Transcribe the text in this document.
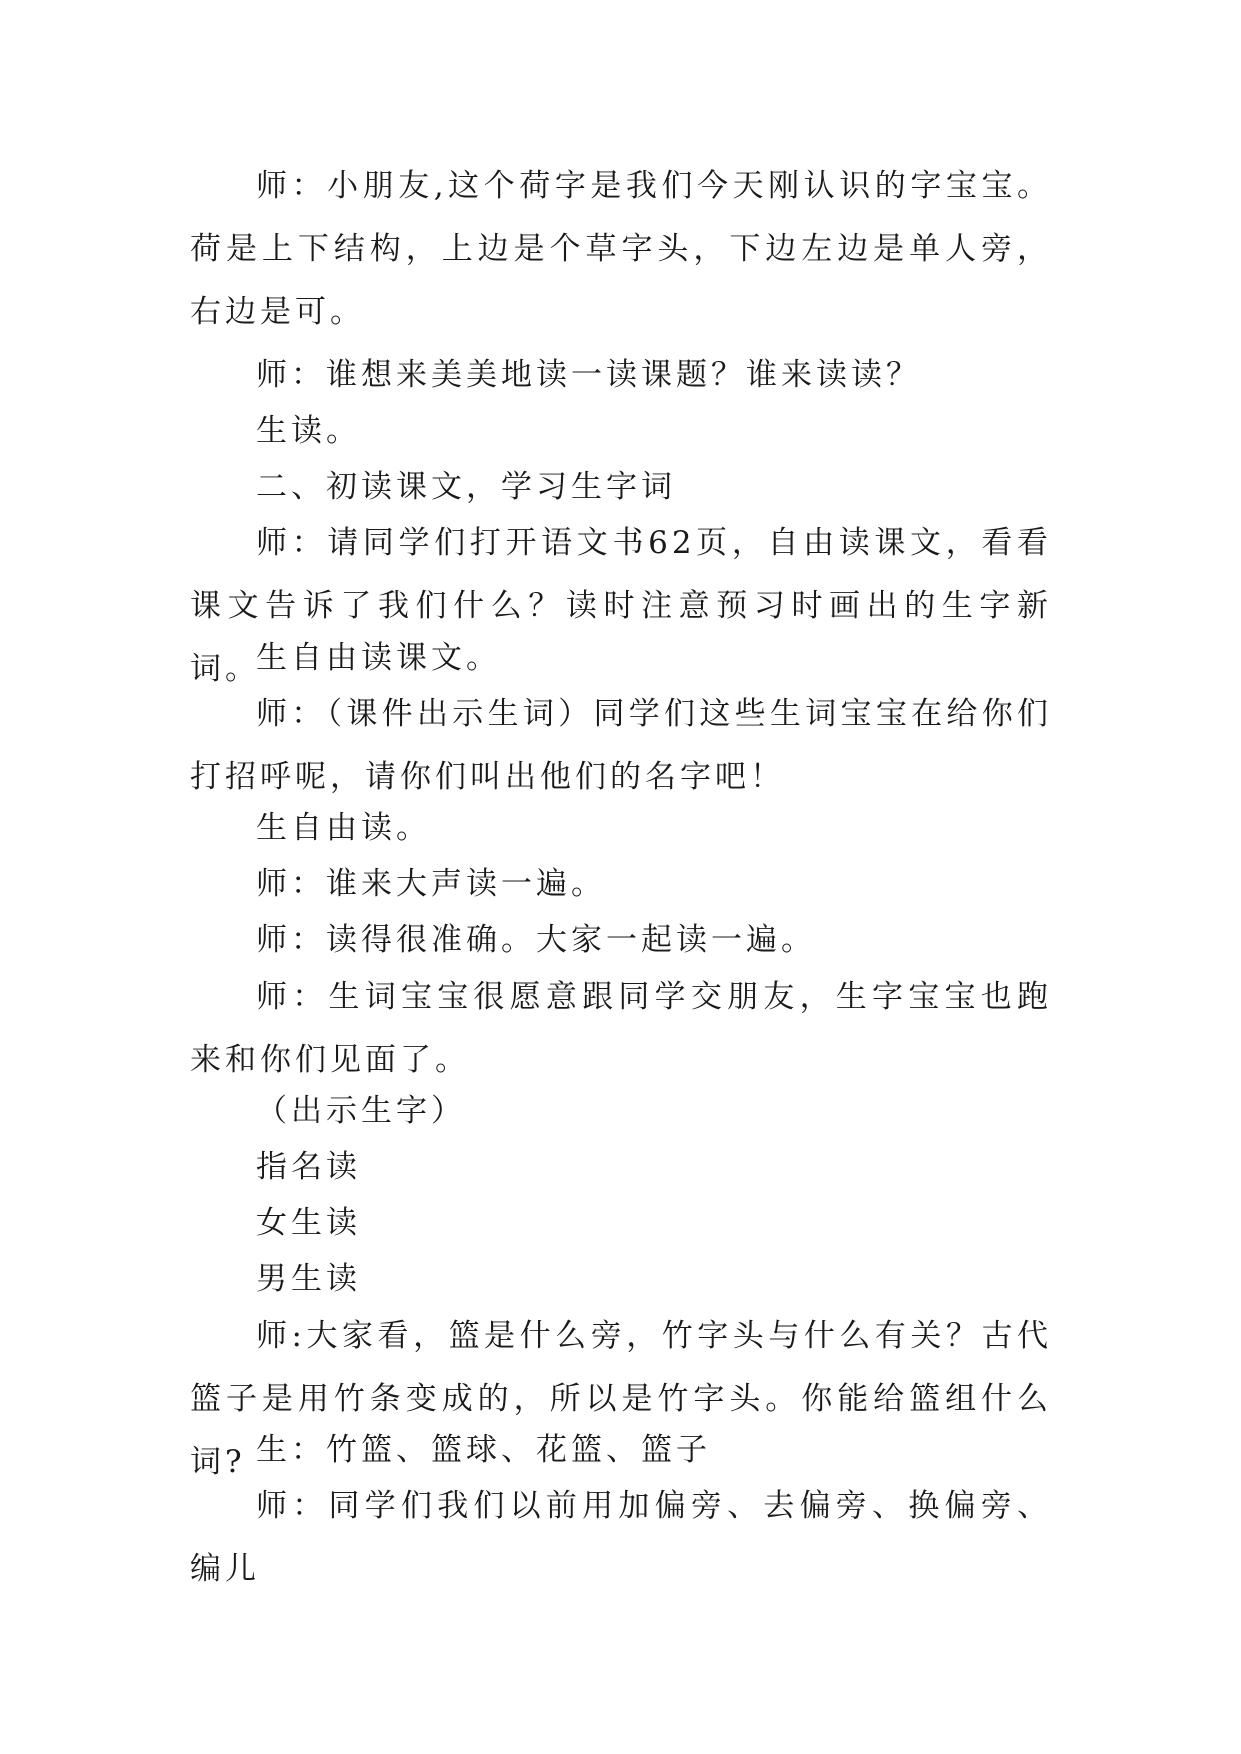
师：小朋友,这个荷字是我们今天刚认识的字宝宝。荷是上下结构，上边是个草字头，下边左边是单人旁，右边是可。

师：谁想来美美地读一读课题？谁来读读？

生读。

二、初读课文，学习生字词

师：请同学们打开语文书62页，自由读课文，看看课文告诉了我们什么？读时注意预习时画出的生字新词。

生自由读课文。

师：（课件出示生词）同学们这些生词宝宝在给你们打招呼呢，请你们叫出他们的名字吧！

生自由读。

师：谁来大声读一遍。

师：读得很准确。大家一起读一遍。

师：生词宝宝很愿意跟同学交朋友，生字宝宝也跑来和你们见面了。

（出示生字）

指名读

女生读

男生读

师:大家看，篮是什么旁，竹字头与什么有关？古代篮子是用竹条变成的，所以是竹字头。你能给篮组什么词? 生：竹篮、篮球、花篮、篮子

师：同学们我们以前用加偏旁、去偏旁、换偏旁、编儿
